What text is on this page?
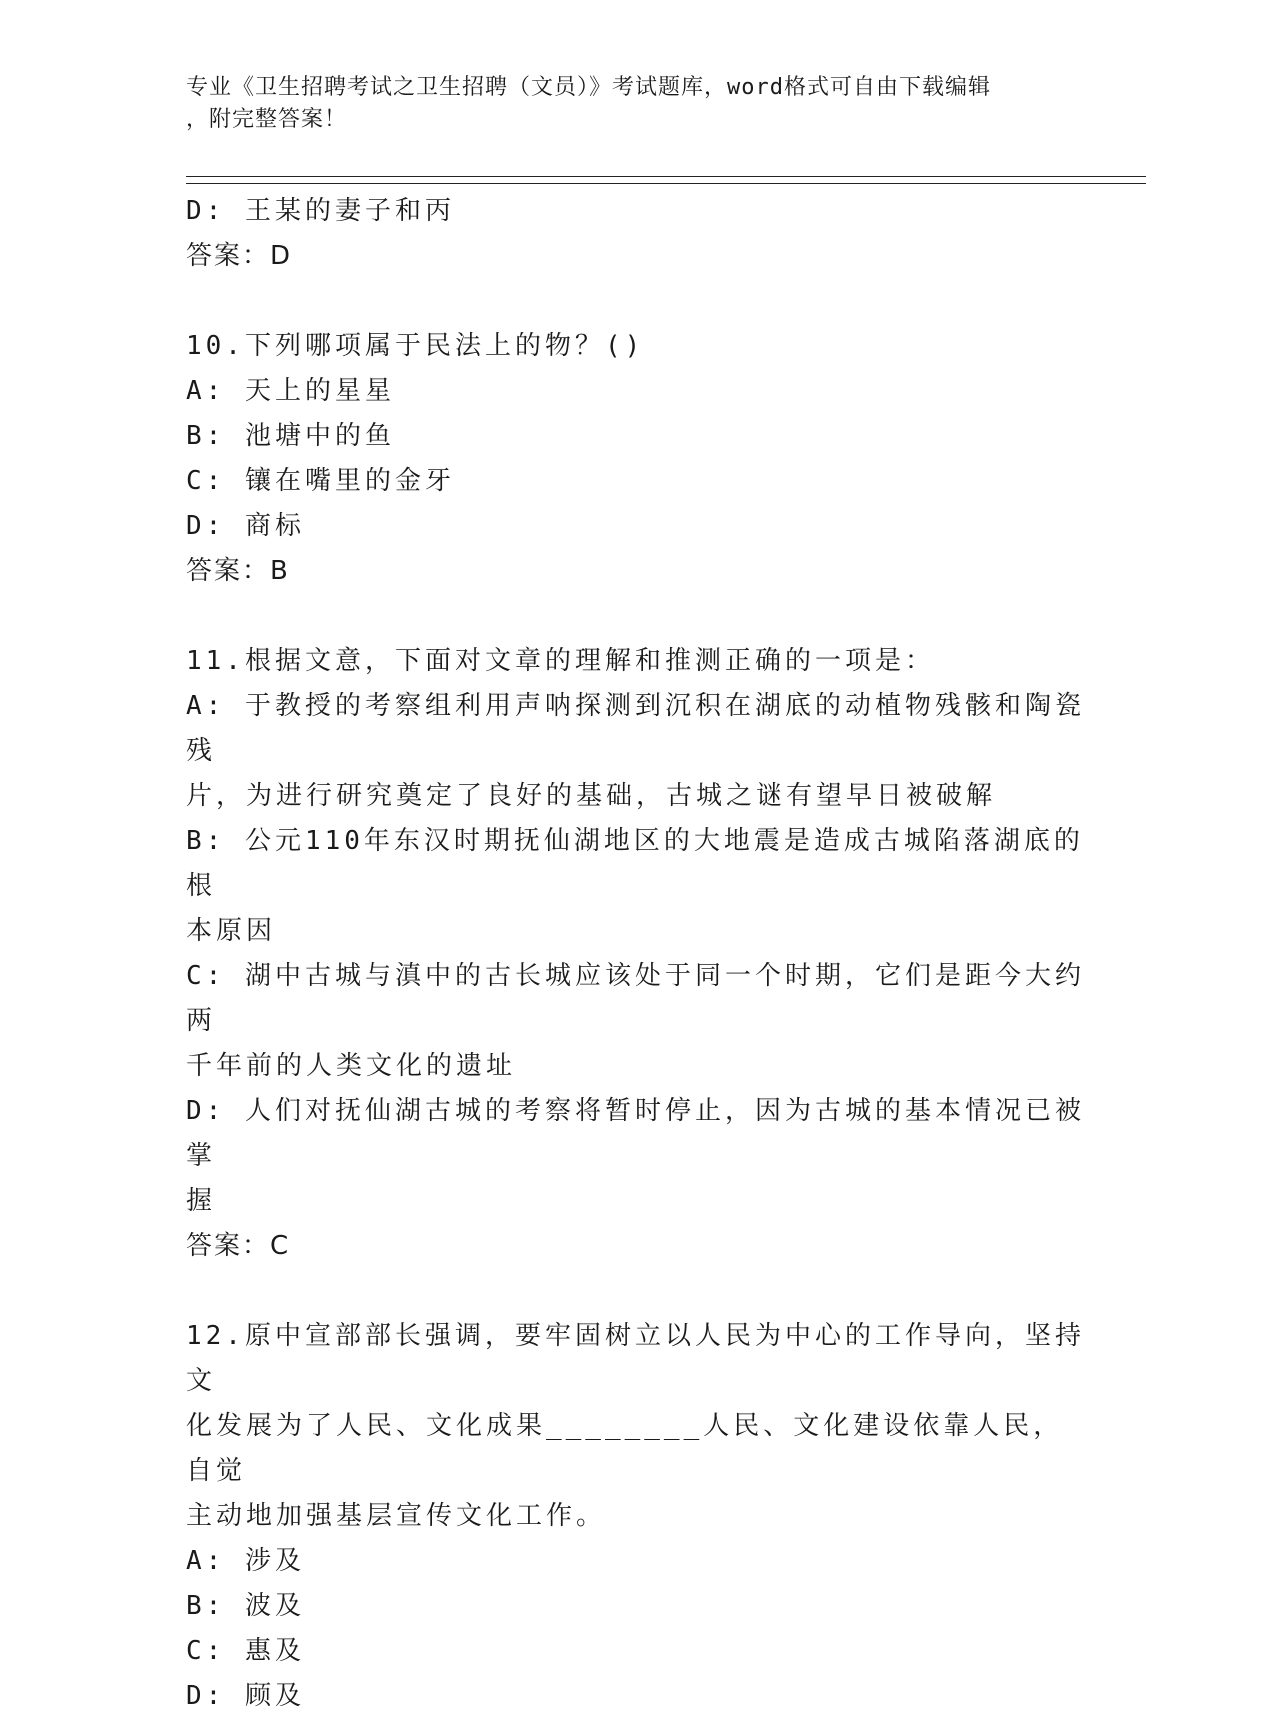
专业《卫生招聘考试之卫生招聘（文员）》考试题库，word格式可自由下载编辑
，附完整答案！
D: 王某的妻子和丙
答案：D
10.下列哪项属于民法上的物？()
A: 天上的星星
B: 池塘中的鱼
C: 镶在嘴里的金牙
D: 商标
答案：B
11.根据文意，下面对文章的理解和推测正确的一项是：
A: 于教授的考察组利用声呐探测到沉积在湖底的动植物残骸和陶瓷残
片，为进行研究奠定了良好的基础，古城之谜有望早日被破解
B: 公元110年东汉时期抚仙湖地区的大地震是造成古城陷落湖底的根
本原因
C: 湖中古城与滇中的古长城应该处于同一个时期，它们是距今大约两
千年前的人类文化的遗址
D: 人们对抚仙湖古城的考察将暂时停止，因为古城的基本情况已被掌
握
答案：C
12.原中宣部部长强调，要牢固树立以人民为中心的工作导向，坚持文
化发展为了人民、文化成果________人民、文化建设依靠人民，自觉
主动地加强基层宣传文化工作。
A: 涉及
B: 波及
C: 惠及
D: 顾及
